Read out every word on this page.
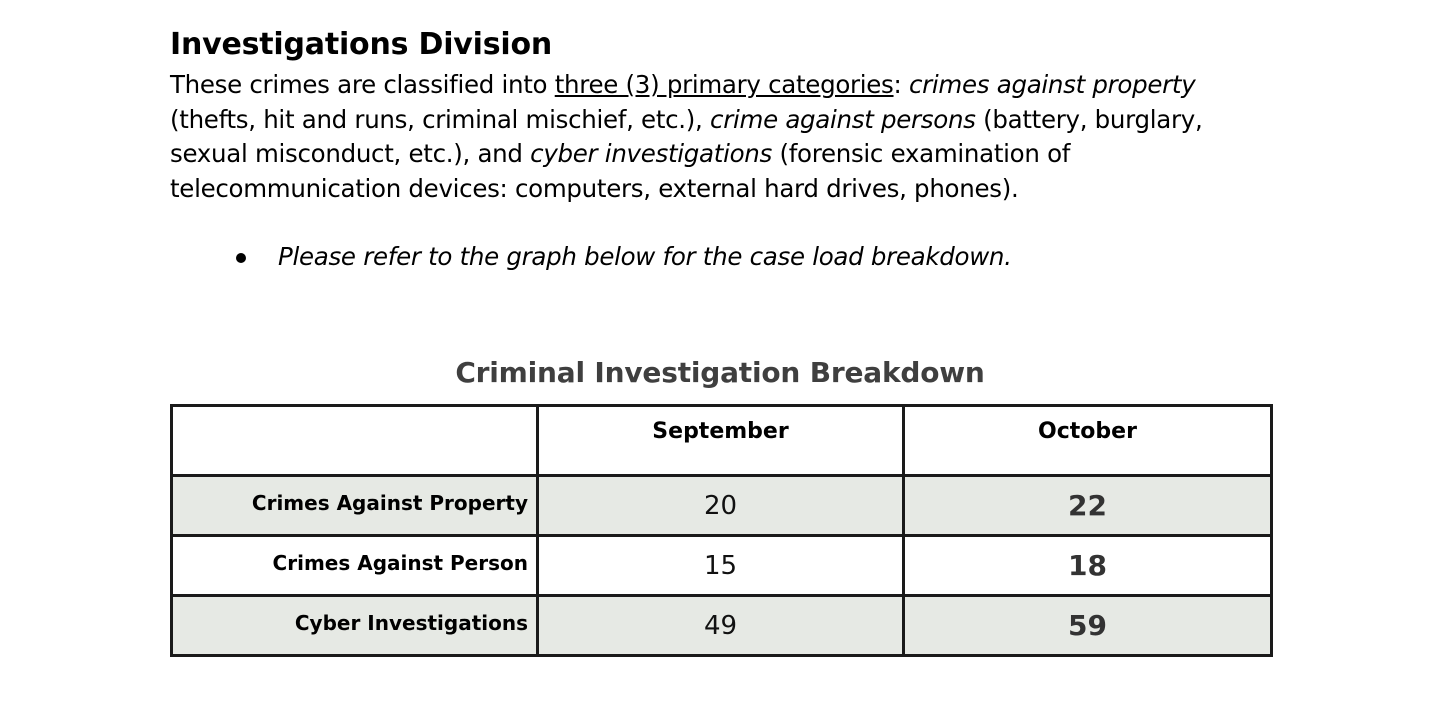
Investigations Division

These crimes are classified into three (3) primary categories: crimes against property (thefts, hit and runs, criminal mischief, etc.), crime against persons (battery, burglary, sexual misconduct, etc.), and cyber investigations (forensic examination of telecommunication devices: computers, external hard drives, phones).

Please refer to the graph below for the case load breakdown.
Criminal Investigation Breakdown
	September	October
Crimes Against Property	20	22
Crimes Against Person	15	18
Cyber Investigations	49	59
